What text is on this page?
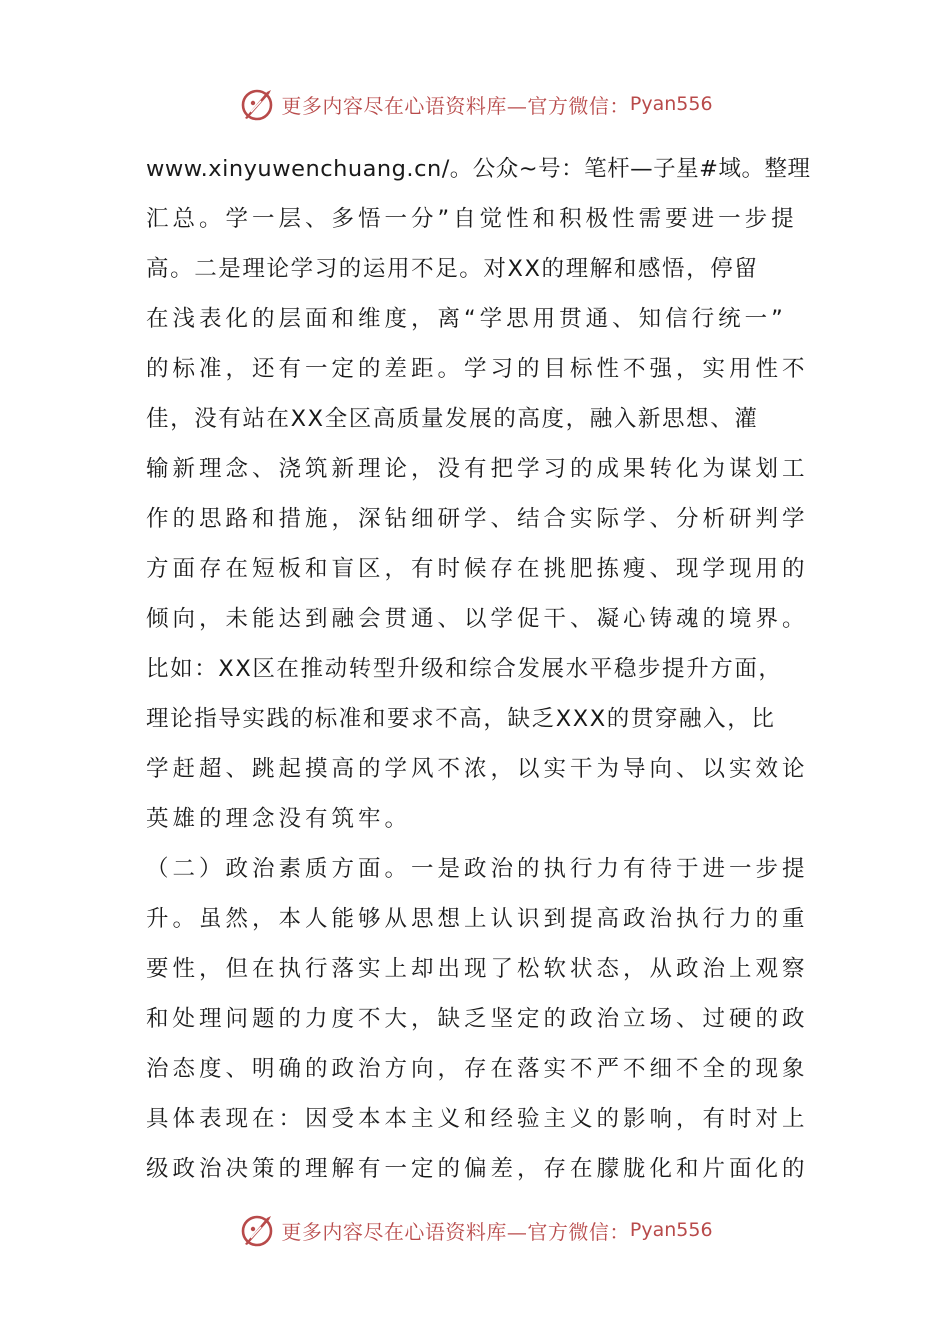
更多内容尽在心语资料库—官方微信： Pyan556
www.xinyuwenchuang.cn/。公众~号：笔杆—子星#域。整理
汇总。学一层、多悟一分”自觉性和积极性需要进一步提
高。二是理论学习的运用不足。对XX的理解和感悟，停留
在浅表化的层面和维度，离“学思用贯通、知信行统一”
的标准，还有一定的差距。学习的目标性不强，实用性不
佳，没有站在XX全区高质量发展的高度，融入新思想、灌
输新理念、浇筑新理论，没有把学习的成果转化为谋划工
作的思路和措施，深钻细研学、结合实际学、分析研判学
方面存在短板和盲区，有时候存在挑肥拣瘦、现学现用的
倾向，未能达到融会贯通、以学促干、凝心铸魂的境界。
比如：XX区在推动转型升级和综合发展水平稳步提升方面，
理论指导实践的标准和要求不高，缺乏XXX的贯穿融入，比
学赶超、跳起摸高的学风不浓，以实干为导向、以实效论
英雄的理念没有筑牢。
（二）政治素质方面。一是政治的执行力有待于进一步提
升。虽然，本人能够从思想上认识到提高政治执行力的重
要性，但在执行落实上却出现了松软状态，从政治上观察
和处理问题的力度不大，缺乏坚定的政治立场、过硬的政
治态度、明确的政治方向，存在落实不严不细不全的现象
具体表现在：因受本本主义和经验主义的影响，有时对上
级政治决策的理解有一定的偏差，存在朦胧化和片面化的
更多内容尽在心语资料库—官方微信： Pyan556
